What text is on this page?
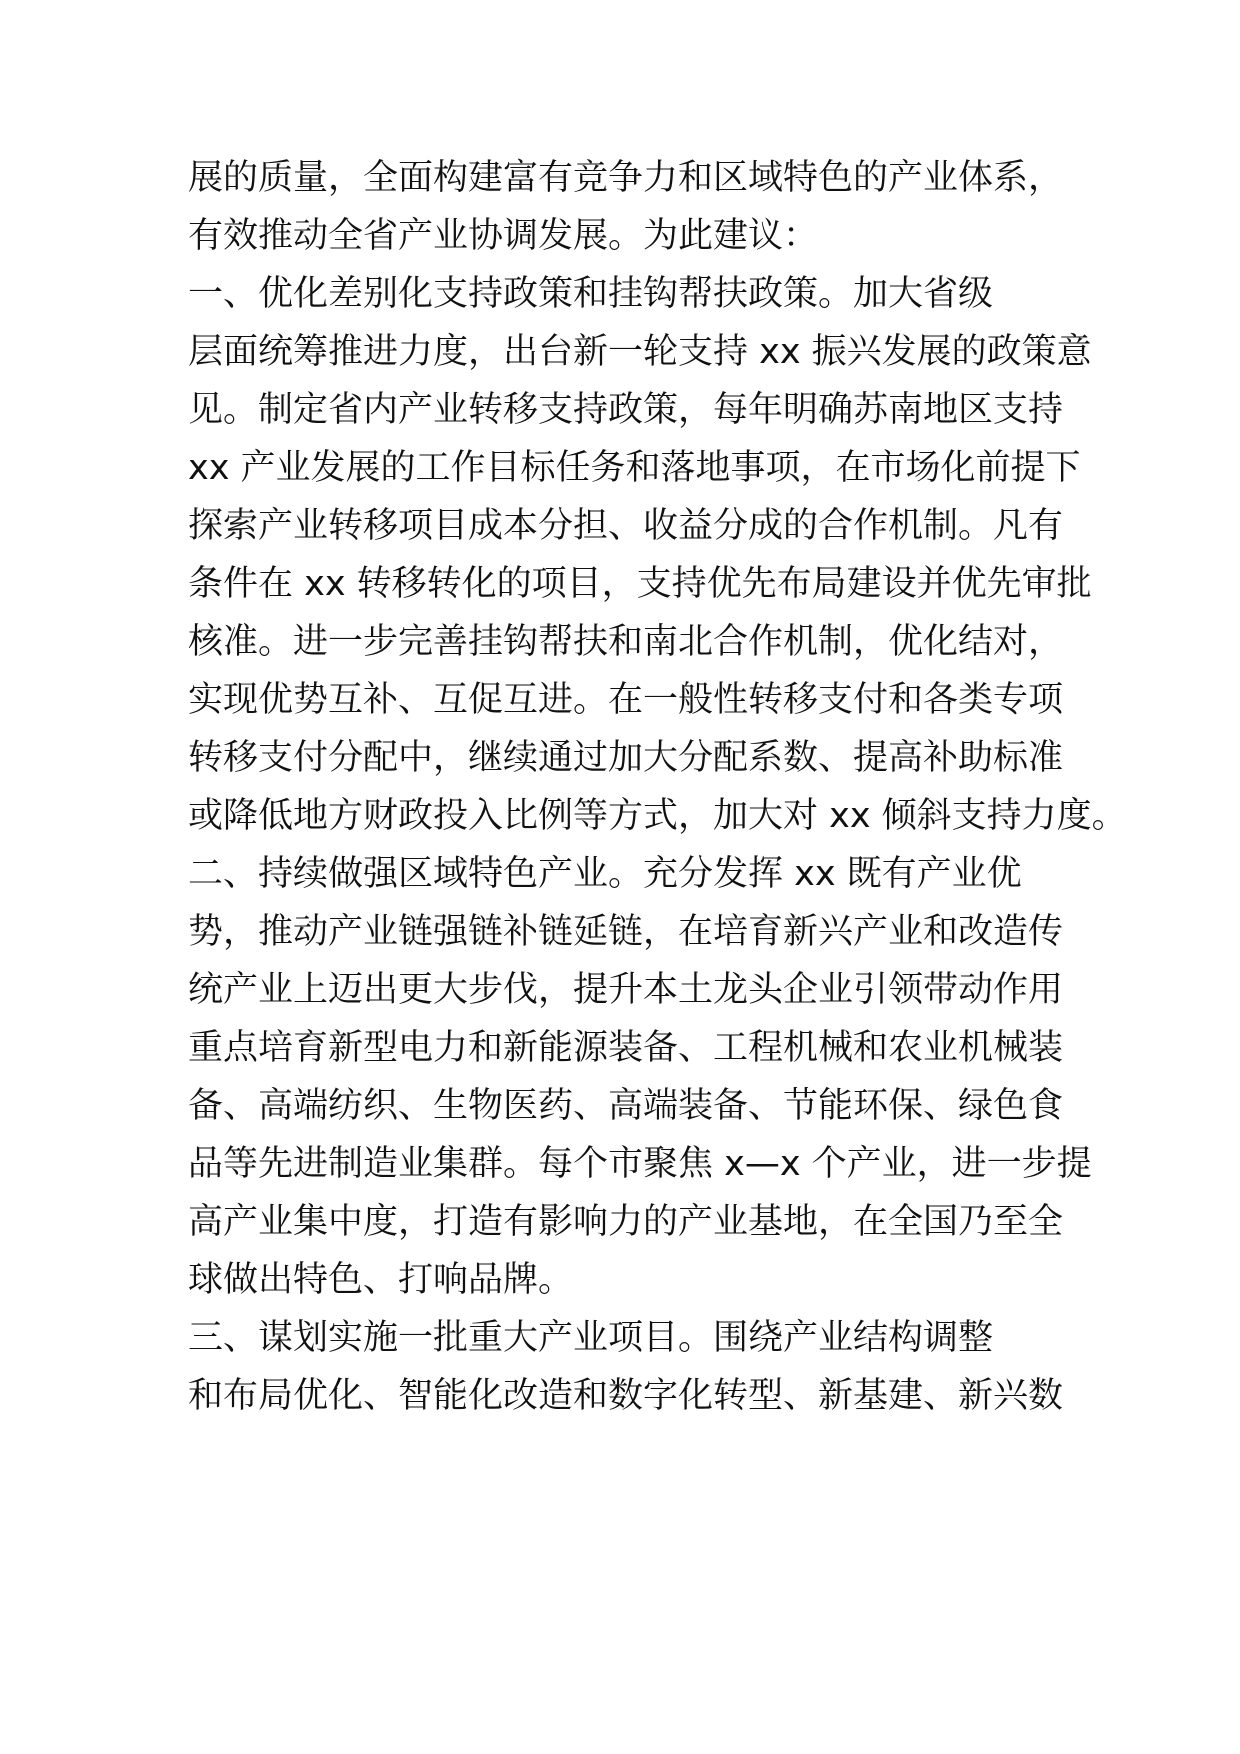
展的质量，全面构建富有竞争力和区域特色的产业体系，
有效推动全省产业协调发展。为此建议：
一、优化差别化支持政策和挂钩帮扶政策。加大省级
层面统筹推进力度，出台新一轮支持 xx 振兴发展的政策意
见。制定省内产业转移支持政策，每年明确苏南地区支持
xx 产业发展的工作目标任务和落地事项，在市场化前提下
探索产业转移项目成本分担、收益分成的合作机制。凡有
条件在 xx 转移转化的项目，支持优先布局建设并优先审批
核准。进一步完善挂钩帮扶和南北合作机制，优化结对，
实现优势互补、互促互进。在一般性转移支付和各类专项
转移支付分配中，继续通过加大分配系数、提高补助标准
或降低地方财政投入比例等方式，加大对 xx 倾斜支持力度。
二、持续做强区域特色产业。充分发挥 xx 既有产业优
势，推动产业链强链补链延链，在培育新兴产业和改造传
统产业上迈出更大步伐，提升本土龙头企业引领带动作用
重点培育新型电力和新能源装备、工程机械和农业机械装
备、高端纺织、生物医药、高端装备、节能环保、绿色食
品等先进制造业集群。每个市聚焦 x—x 个产业，进一步提
高产业集中度，打造有影响力的产业基地，在全国乃至全
球做出特色、打响品牌。
三、谋划实施一批重大产业项目。围绕产业结构调整
和布局优化、智能化改造和数字化转型、新基建、新兴数
